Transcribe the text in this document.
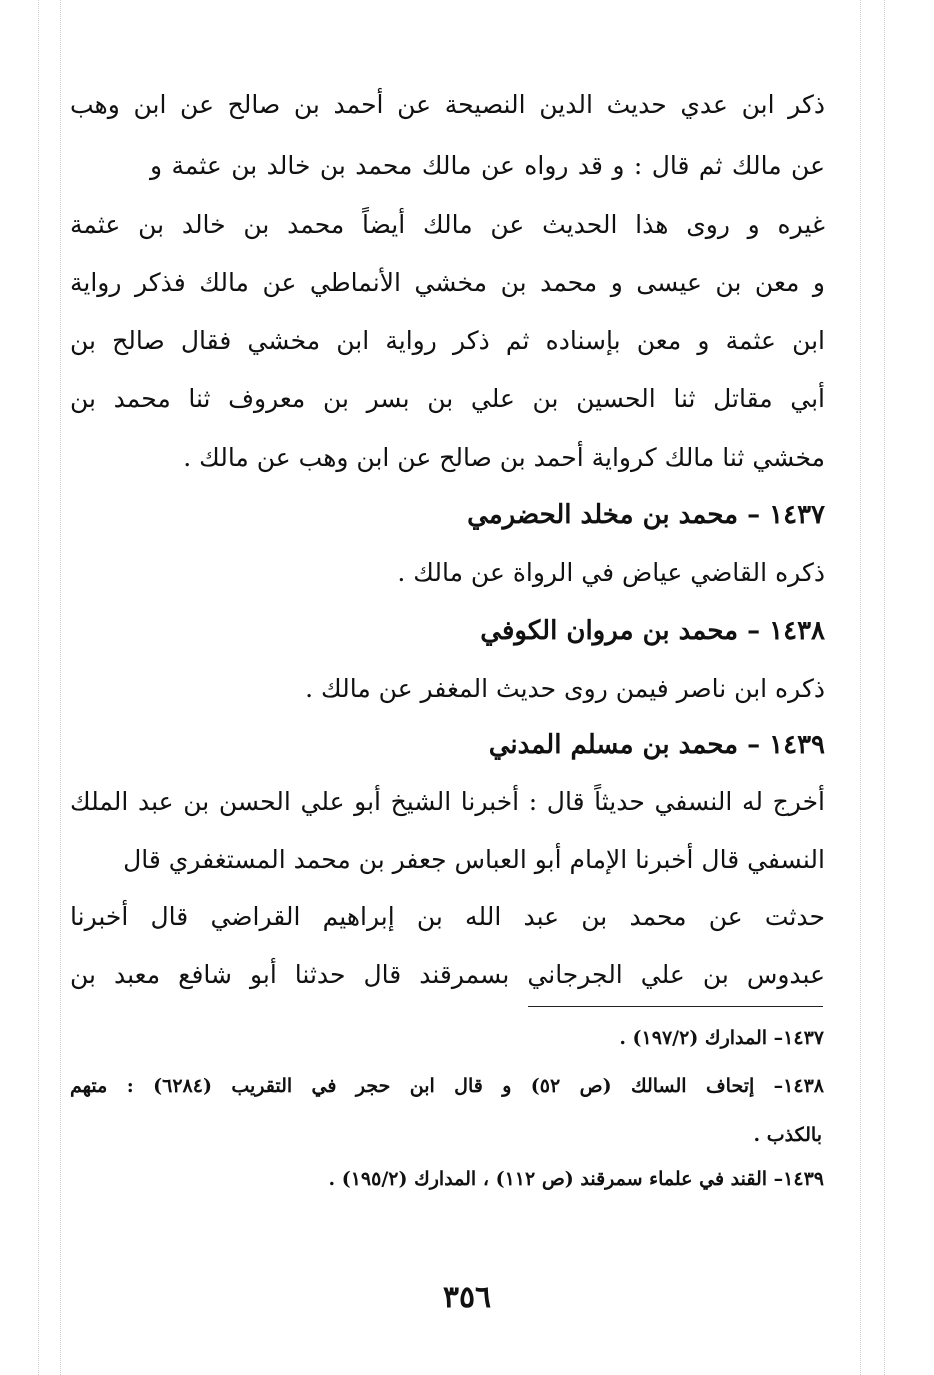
ذكر ابن عدي حديث الدين النصيحة عن أحمد بن صالح عن ابن وهب
عن مالك ثم قال : و قد رواه عن مالك محمد بن خالد بن عثمة و
غيره و روى هذا الحديث عن مالك أيضاً محمد بن خالد بن عثمة
و معن بن عيسى و محمد بن مخشي الأنماطي عن مالك فذكر رواية
ابن عثمة و معن بإسناده ثم ذكر رواية ابن مخشي فقال صالح بن
أبي مقاتل ثنا الحسين بن علي بن بسر بن معروف ثنا محمد بن
مخشي ثنا مالك كرواية أحمد بن صالح عن ابن وهب عن مالك .
١٤٣٧ – محمد بن مخلد الحضرمي
ذكره القاضي عياض في الرواة عن مالك .
١٤٣٨ – محمد بن مروان الكوفي
ذكره ابن ناصر فيمن روى حديث المغفر عن مالك .
١٤٣٩ – محمد بن مسلم المدني
أخرج له النسفي حديثاً قال : أخبرنا الشيخ أبو علي الحسن بن عبد الملك
النسفي قال أخبرنا الإمام أبو العباس جعفر بن محمد المستغفري قال
حدثت عن محمد بن عبد الله بن إبراهيم القراضي قال أخبرنا
عبدوس بن علي الجرجاني بسمرقند قال حدثنا أبو شافع معبد بن
١٤٣٧– المدارك (١٩٧/٢) .
١٤٣٨– إتحاف السالك (ص ٥٢) و قال ابن حجر في التقريب (٦٢٨٤) : متهم
بالكذب .
١٤٣٩– القند في علماء سمرقند (ص ١١٢) ، المدارك (١٩٥/٢) .
٣٥٦
